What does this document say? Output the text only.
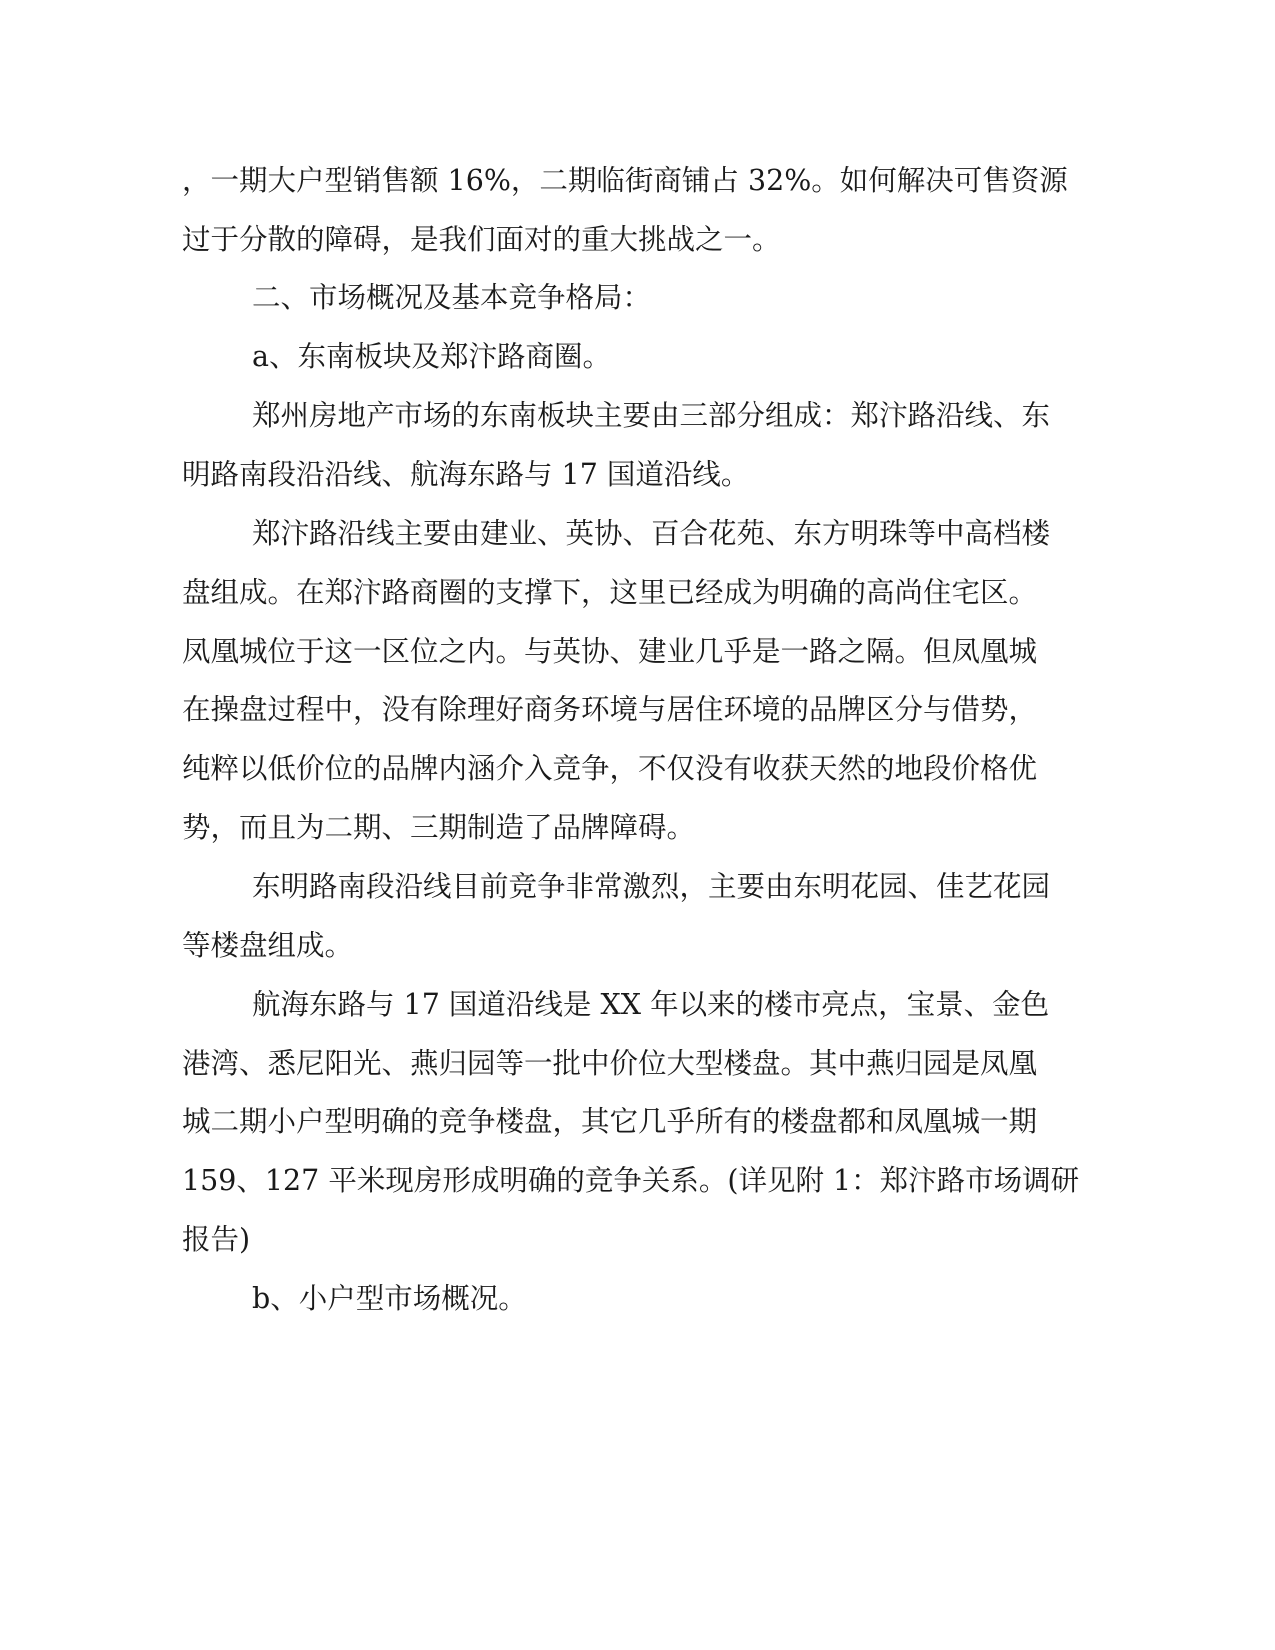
，一期大户型销售额 16%，二期临街商铺占 32%。如何解决可售资源
过于分散的障碍，是我们面对的重大挑战之一。
二、市场概况及基本竞争格局：
a、东南板块及郑汴路商圈。
郑州房地产市场的东南板块主要由三部分组成：郑汴路沿线、东
明路南段沿沿线、航海东路与 17 国道沿线。
郑汴路沿线主要由建业、英协、百合花苑、东方明珠等中高档楼
盘组成。在郑汴路商圈的支撑下，这里已经成为明确的高尚住宅区。
凤凰城位于这一区位之内。与英协、建业几乎是一路之隔。但凤凰城
在操盘过程中，没有除理好商务环境与居住环境的品牌区分与借势，
纯粹以低价位的品牌内涵介入竞争，不仅没有收获天然的地段价格优
势，而且为二期、三期制造了品牌障碍。
东明路南段沿线目前竞争非常激烈，主要由东明花园、佳艺花园
等楼盘组成。
航海东路与 17 国道沿线是 XX 年以来的楼市亮点，宝景、金色
港湾、悉尼阳光、燕归园等一批中价位大型楼盘。其中燕归园是凤凰
城二期小户型明确的竞争楼盘，其它几乎所有的楼盘都和凤凰城一期
159、127 平米现房形成明确的竞争关系。(详见附 1：郑汴路市场调研
报告)
b、小户型市场概况。
